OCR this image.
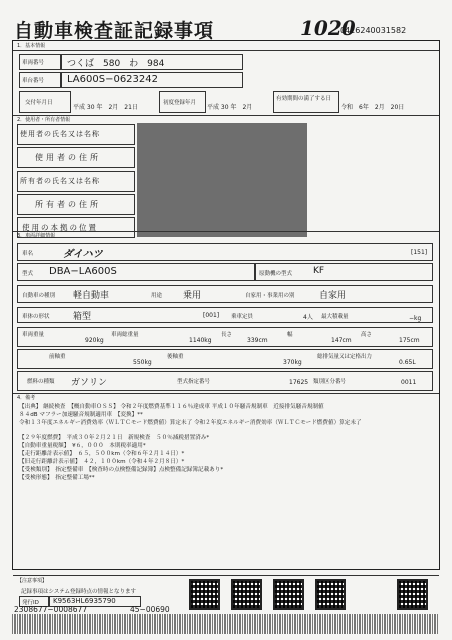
自動車検査証記録事項	1020
0416240031582
1．基本情報
車両番号	つくば　580　わ　984
車台番号 LA600S−0623242
交付年月日
平成 30 年　2月　21日
初度登録年月
平成 30 年　2月
有効期間の満了する日
令和　6年　2月　20日
2．使用者・所有者情報
使用者の氏名又は名称
使用者の住所
所有者の氏名又は名称
所有者の住所
使用の本拠の位置
3．車両詳細情報
車名	ダイハツ	[151]
型式 DBA−LA600S	原動機の型式 KF
自動車の種別 軽自動車	用途 乗用	自家用・事業用の別	自家用
車体の形状	箱型	[001] 乗車定員	4人 最大積載量	−kg
車両重量
920kg
車両総重量
1140kg
長さ
339cm
幅
147cm
高さ
175cm
前軸重
550kg
後軸重
370kg
総排気量又は定格出力
0.65L
燃料の種類 ガソリン	型式指定番号	17625 類別区分番号	0011
4．備考
【出典】 継続検査　【概自動車ＯＳＳ】 令和２年度燃費基準１１６％達成車 平成１０年騒音規制車　近接排気騒音規制値
８４dB マフラー加速騒音規制適用車　【変換】**
令和１３年度エネルギー消費効率（ＷＬＴＣモード燃費値）算定未了 令和２年度エネルギー消費効率（ＷＬＴＣモード燃費値）算定未了
【２９年度燃費】　平成３０年２月２１日　新規検査　５０％減税措置済み*
【自動車重量税額】　¥６，０００　本則税率適用*
【走行距離計表示値】　６５，５００km（令和６年２月１４日）*
【旧走行距離計表示値】　４２，１００km（令和４年２月８日）*
【受検類別】　指定整備車　【検査時の点検整備記録簿】点検整備記録簿記載あり*
【受検形態】　指定整備工場**
【注意事項】
記録事項はシステム登録時点の情報となります
発行ID K9563HL6935790
2308677−0008677	45−00690
